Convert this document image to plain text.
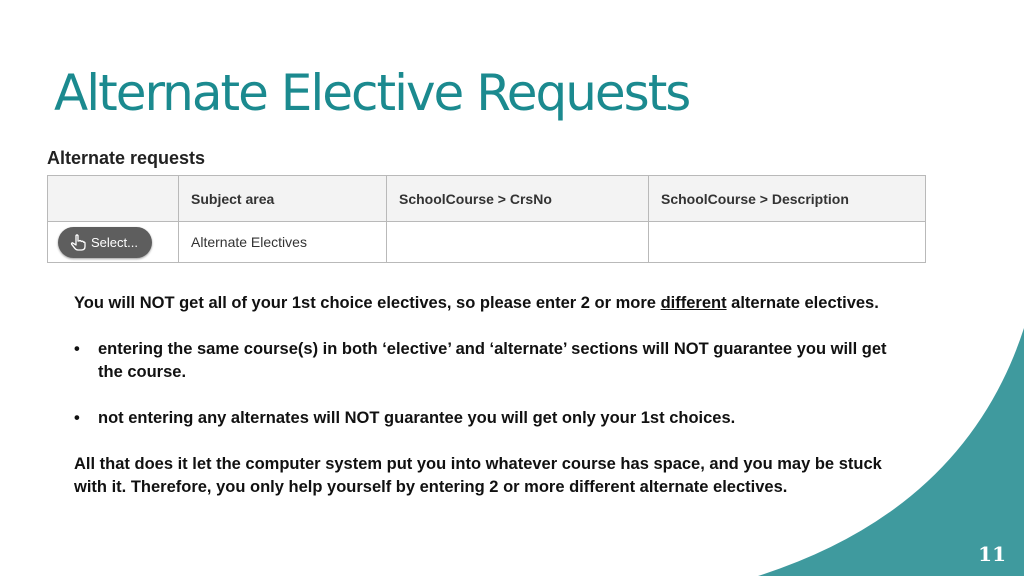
Alternate Elective Requests
Alternate requests
	Subject area	SchoolCourse > CrsNo	SchoolCourse > Description

Select...	Alternate Electives		

You will NOT get all of your 1st choice electives, so please enter 2 or more different alternate electives.

• entering the same course(s) in both ‘elective’ and ‘alternate’ sections will NOT guarantee you will get the course.

• not entering any alternates will NOT guarantee you will get only your 1st choices.

All that does it let the computer system put you into whatever course has space, and you may be stuck with it. Therefore, you only help yourself by entering 2 or more different alternate electives.

11
